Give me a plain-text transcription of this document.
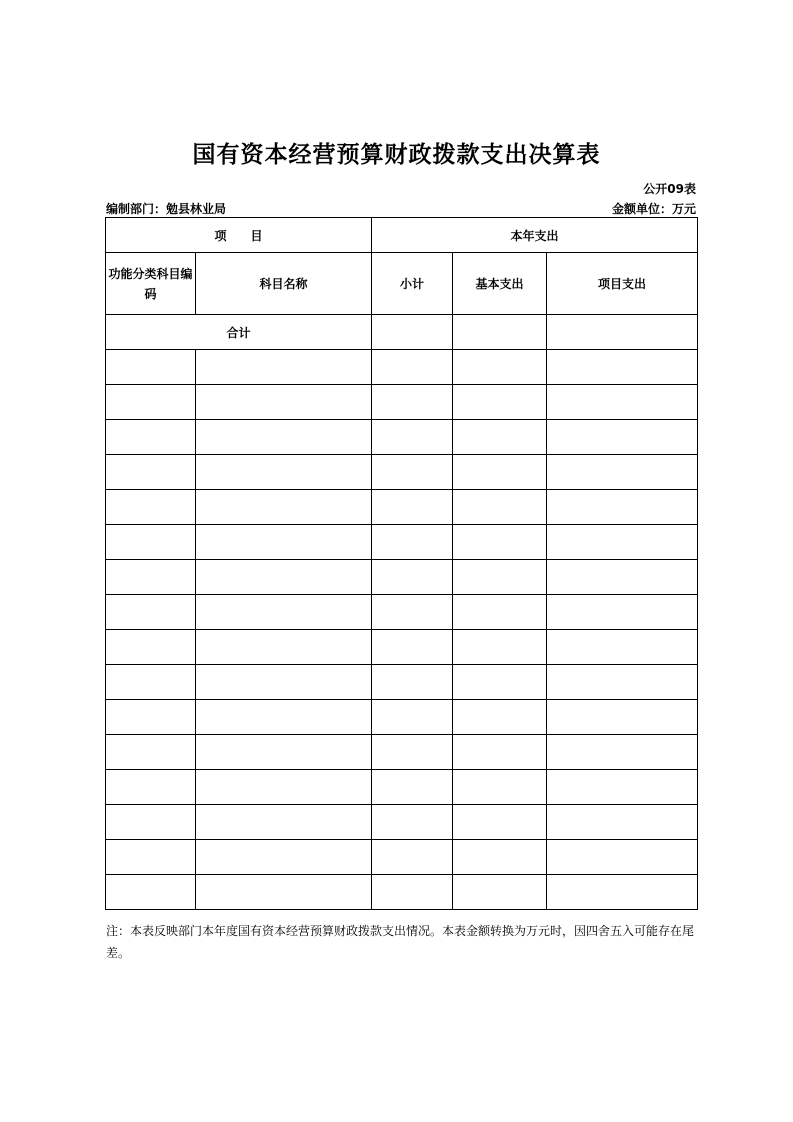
国有资本经营预算财政拨款支出决算表
公开09表
编制部门：勉县林业局	金额单位：万元
项　　目		本年支出		
功能分类科目编码	科目名称	小计	基本支出	项目支出
合计				

注：本表反映部门本年度国有资本经营预算财政拨款支出情况。本表金额转换为万元时，因四舍五入可能存在尾差。
